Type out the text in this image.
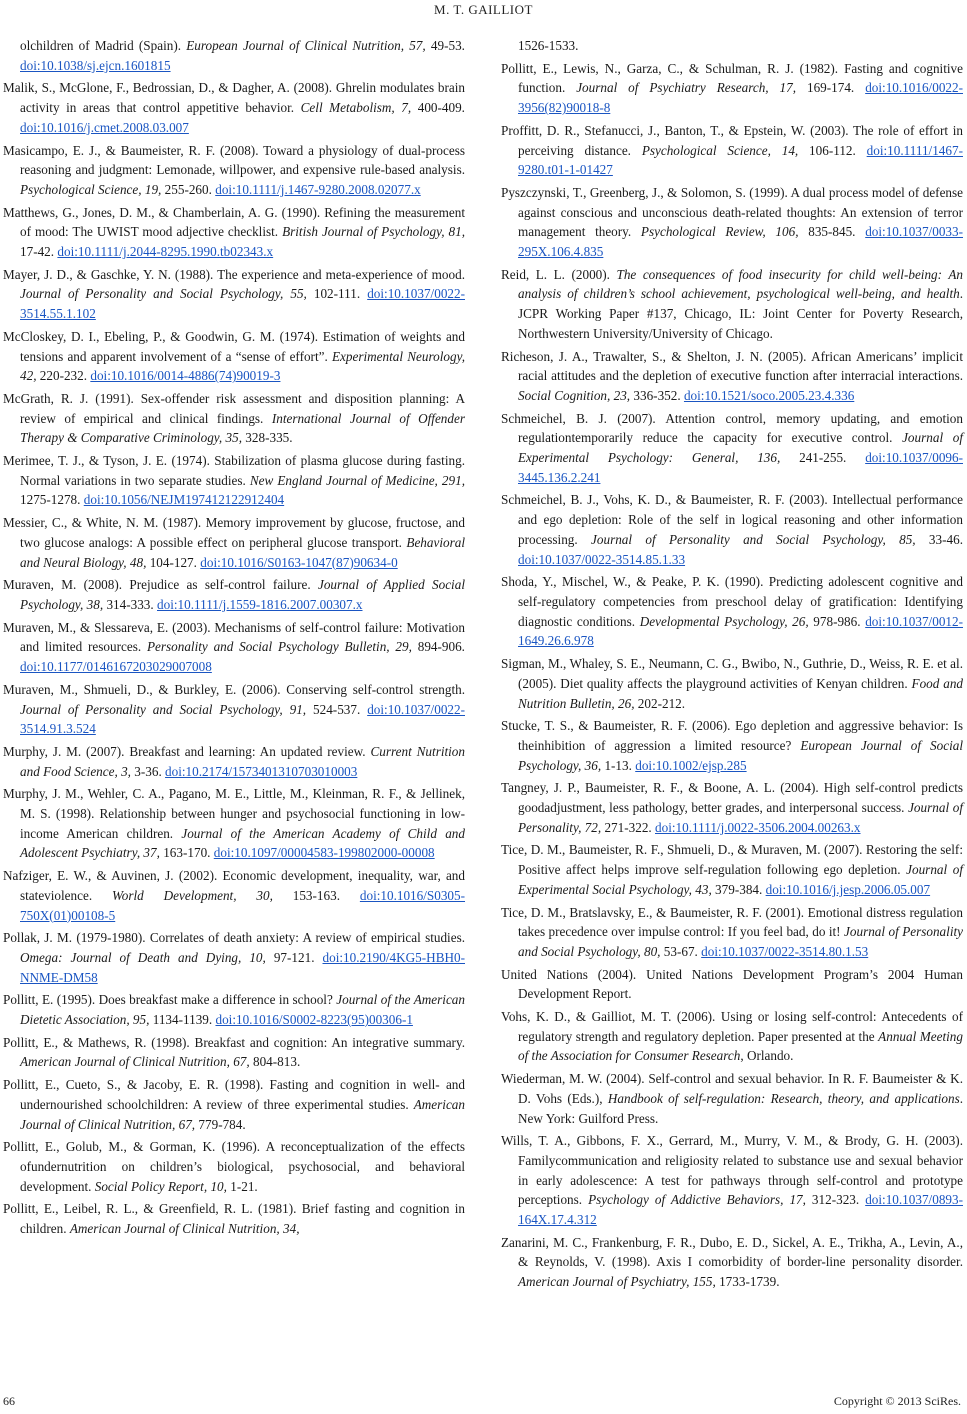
M. T. GAILLIOT

olchildren of Madrid (Spain). European Journal of Clinical Nutrition, 57, 49-53. doi:10.1038/sj.ejcn.1601815

Malik, S., McGlone, F., Bedrossian, D., & Dagher, A. (2008). Ghrelin modulates brain activity in areas that control appetitive behavior. Cell Metabolism, 7, 400-409. doi:10.1016/j.cmet.2008.03.007

Masicampo, E. J., & Baumeister, R. F. (2008). Toward a physiology of dual-process reasoning and judgment: Lemonade, willpower, and expensive rule-based analysis. Psychological Science, 19, 255-260. doi:10.1111/j.1467-9280.2008.02077.x

Matthews, G., Jones, D. M., & Chamberlain, A. G. (1990). Refining the measurement of mood: The UWIST mood adjective checklist. British Journal of Psychology, 81, 17-42. doi:10.1111/j.2044-8295.1990.tb02343.x

Mayer, J. D., & Gaschke, Y. N. (1988). The experience and meta-experience of mood. Journal of Personality and Social Psychology, 55, 102-111. doi:10.1037/0022-3514.55.1.102

McCloskey, D. I., Ebeling, P., & Goodwin, G. M. (1974). Estimation of weights and tensions and apparent involvement of a “sense of effort”. Experimental Neurology, 42, 220-232. doi:10.1016/0014-4886(74)90019-3

McGrath, R. J. (1991). Sex-offender risk assessment and disposition planning: A review of empirical and clinical findings. International Journal of Offender Therapy & Comparative Criminology, 35, 328-335.

Merimee, T. J., & Tyson, J. E. (1974). Stabilization of plasma glucose during fasting. Normal variations in two separate studies. New England Journal of Medicine, 291, 1275-1278. doi:10.1056/NEJM197412122912404

Messier, C., & White, N. M. (1987). Memory improvement by glucose, fructose, and two glucose analogs: A possible effect on peripheral glucose transport. Behavioral and Neural Biology, 48, 104-127. doi:10.1016/S0163-1047(87)90634-0

Muraven, M. (2008). Prejudice as self-control failure. Journal of Applied Social Psychology, 38, 314-333. doi:10.1111/j.1559-1816.2007.00307.x

Muraven, M., & Slessareva, E. (2003). Mechanisms of self-control failure: Motivation and limited resources. Personality and Social Psychology Bulletin, 29, 894-906. doi:10.1177/0146167203029007008

Muraven, M., Shmueli, D., & Burkley, E. (2006). Conserving self-control strength. Journal of Personality and Social Psychology, 91, 524-537. doi:10.1037/0022-3514.91.3.524

Murphy, J. M. (2007). Breakfast and learning: An updated review. Current Nutrition and Food Science, 3, 3-36. doi:10.2174/1573401310703010003

Murphy, J. M., Wehler, C. A., Pagano, M. E., Little, M., Kleinman, R. F., & Jellinek, M. S. (1998). Relationship between hunger and psychosocial functioning in low-income American children. Journal of the American Academy of Child and Adolescent Psychiatry, 37, 163-170. doi:10.1097/00004583-199802000-00008

Nafziger, E. W., & Auvinen, J. (2002). Economic development, inequality, war, and stateviolence. World Development, 30, 153-163. doi:10.1016/S0305-750X(01)00108-5

Pollak, J. M. (1979-1980). Correlates of death anxiety: A review of empirical studies. Omega: Journal of Death and Dying, 10, 97-121. doi:10.2190/4KG5-HBH0-NNME-DM58

Pollitt, E. (1995). Does breakfast make a difference in school? Journal of the American Dietetic Association, 95, 1134-1139. doi:10.1016/S0002-8223(95)00306-1

Pollitt, E., & Mathews, R. (1998). Breakfast and cognition: An integrative summary. American Journal of Clinical Nutrition, 67, 804-813.

Pollitt, E., Cueto, S., & Jacoby, E. R. (1998). Fasting and cognition in well- and undernourished schoolchildren: A review of three experimental studies. American Journal of Clinical Nutrition, 67, 779-784.

Pollitt, E., Golub, M., & Gorman, K. (1996). A reconceptualization of the effects ofundernutrition on children’s biological, psychosocial, and behavioral development. Social Policy Report, 10, 1-21.

Pollitt, E., Leibel, R. L., & Greenfield, R. L. (1981). Brief fasting and cognition in children. American Journal of Clinical Nutrition, 34,

1526-1533.

Pollitt, E., Lewis, N., Garza, C., & Schulman, R. J. (1982). Fasting and cognitive function. Journal of Psychiatry Research, 17, 169-174. doi:10.1016/0022-3956(82)90018-8

Proffitt, D. R., Stefanucci, J., Banton, T., & Epstein, W. (2003). The role of effort in perceiving distance. Psychological Science, 14, 106-112. doi:10.1111/1467-9280.t01-1-01427

Pyszczynski, T., Greenberg, J., & Solomon, S. (1999). A dual process model of defense against conscious and unconscious death-related thoughts: An extension of terror management theory. Psychological Review, 106, 835-845. doi:10.1037/0033-295X.106.4.835

Reid, L. L. (2000). The consequences of food insecurity for child well-being: An analysis of children’s school achievement, psychological well-being, and health. JCPR Working Paper #137, Chicago, IL: Joint Center for Poverty Research, Northwestern University/University of Chicago.

Richeson, J. A., Trawalter, S., & Shelton, J. N. (2005). African Americans’ implicit racial attitudes and the depletion of executive function after interracial interactions. Social Cognition, 23, 336-352. doi:10.1521/soco.2005.23.4.336

Schmeichel, B. J. (2007). Attention control, memory updating, and emotion regulationtemporarily reduce the capacity for executive control. Journal of Experimental Psychology: General, 136, 241-255. doi:10.1037/0096-3445.136.2.241

Schmeichel, B. J., Vohs, K. D., & Baumeister, R. F. (2003). Intellectual performance and ego depletion: Role of the self in logical reasoning and other information processing. Journal of Personality and Social Psychology, 85, 33-46. doi:10.1037/0022-3514.85.1.33

Shoda, Y., Mischel, W., & Peake, P. K. (1990). Predicting adolescent cognitive and self-regulatory competencies from preschool delay of gratification: Identifying diagnostic conditions. Developmental Psychology, 26, 978-986. doi:10.1037/0012-1649.26.6.978

Sigman, M., Whaley, S. E., Neumann, C. G., Bwibo, N., Guthrie, D., Weiss, R. E. et al. (2005). Diet quality affects the playground activities of Kenyan children. Food and Nutrition Bulletin, 26, 202-212.

Stucke, T. S., & Baumeister, R. F. (2006). Ego depletion and aggressive behavior: Is theinhibition of aggression a limited resource? European Journal of Social Psychology, 36, 1-13. doi:10.1002/ejsp.285

Tangney, J. P., Baumeister, R. F., & Boone, A. L. (2004). High self-control predicts goodadjustment, less pathology, better grades, and interpersonal success. Journal of Personality, 72, 271-322. doi:10.1111/j.0022-3506.2004.00263.x

Tice, D. M., Baumeister, R. F., Shmueli, D., & Muraven, M. (2007). Restoring the self: Positive affect helps improve self-regulation following ego depletion. Journal of Experimental Social Psychology, 43, 379-384. doi:10.1016/j.jesp.2006.05.007

Tice, D. M., Bratslavsky, E., & Baumeister, R. F. (2001). Emotional distress regulation takes precedence over impulse control: If you feel bad, do it! Journal of Personality and Social Psychology, 80, 53-67. doi:10.1037/0022-3514.80.1.53

United Nations (2004). United Nations Development Program’s 2004 Human Development Report.

Vohs, K. D., & Gailliot, M. T. (2006). Using or losing self-control: Antecedents of regulatory strength and regulatory depletion. Paper presented at the Annual Meeting of the Association for Consumer Research, Orlando.

Wiederman, M. W. (2004). Self-control and sexual behavior. In R. F. Baumeister & K. D. Vohs (Eds.), Handbook of self-regulation: Research, theory, and applications. New York: Guilford Press.

Wills, T. A., Gibbons, F. X., Gerrard, M., Murry, V. M., & Brody, G. H. (2003). Familycommunication and religiosity related to substance use and sexual behavior in early adolescence: A test for pathways through self-control and prototype perceptions. Psychology of Addictive Behaviors, 17, 312-323. doi:10.1037/0893-164X.17.4.312

Zanarini, M. C., Frankenburg, F. R., Dubo, E. D., Sickel, A. E., Trikha, A., Levin, A., & Reynolds, V. (1998). Axis I comorbidity of border-line personality disorder. American Journal of Psychiatry, 155, 1733-1739.

66	Copyright © 2013 SciRes.
